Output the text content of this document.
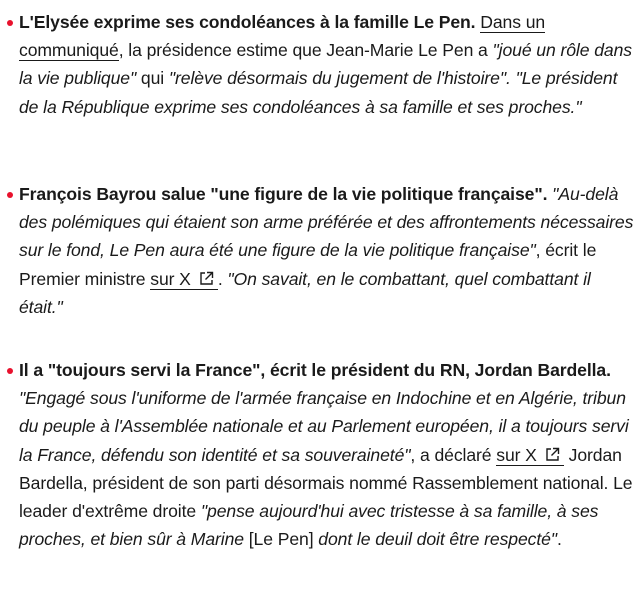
L'Elysée exprime ses condoléances à la famille Le Pen. Dans un communiqué, la présidence estime que Jean-Marie Le Pen a "joué un rôle dans la vie publique" qui "relève désormais du jugement de l'histoire". "Le président de la République exprime ses condoléances à sa famille et ses proches."
François Bayrou salue "une figure de la vie politique française". "Au-delà des polémiques qui étaient son arme préférée et des affrontements nécessaires sur le fond, Le Pen aura été une figure de la vie politique française", écrit le Premier ministre sur X . "On savait, en le combattant, quel combattant il était."
Il a "toujours servi la France", écrit le président du RN, Jordan Bardella. "Engagé sous l'uniforme de l'armée française en Indochine et en Algérie, tribun du peuple à l'Assemblée nationale et au Parlement européen, il a toujours servi la France, défendu son identité et sa souveraineté", a déclaré sur X
Jordan Bardella, président de son parti désormais nommé Rassemblement national. Le leader d'extrême droite "pense aujourd'hui avec tristesse à sa famille, à ses proches, et bien sûr à Marine [Le Pen] dont le deuil doit être respecté".
